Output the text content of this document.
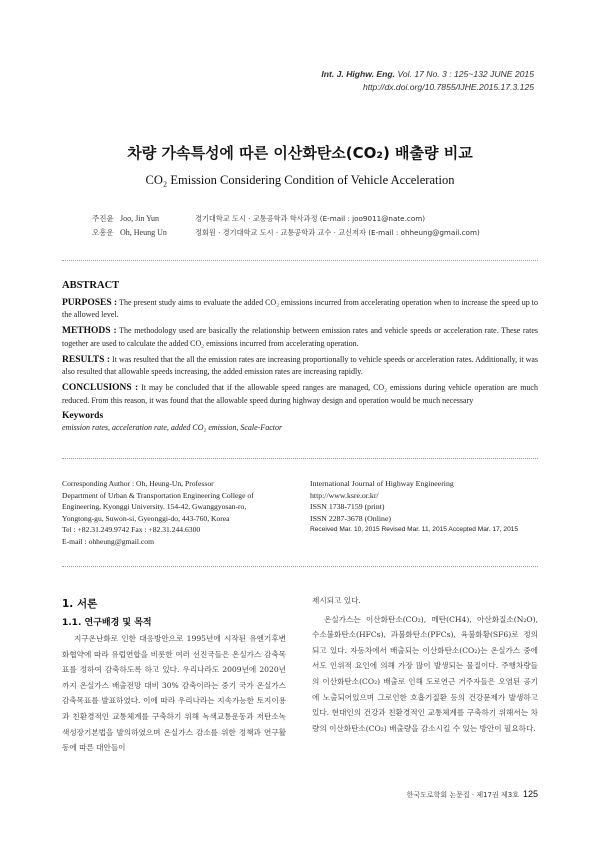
Int. J. Highw. Eng. Vol. 17 No. 3 : 125~132 JUNE 2015
http://dx.doi.org/10.7855/IJHE.2015.17.3.125
차량 가속특성에 따른 이산화탄소(CO₂) 배출량 비교
CO₂ Emission Considering Condition of Vehicle Acceleration
주진윤 Joo, Jin Yun	경기대학교 도시 · 교통공학과 학사과정 (E-mail : joo9011@nate.com)
오흥운 Oh, Heung Un	정회원 · 경기대학교 도시 · 교통공학과 교수 · 교신저자 (E-mail : ohheung@gmail.com)
ABSTRACT

PURPOSES : The present study aims to evaluate the added CO₂ emissions incurred from accelerating operation when to increase the speed up to the allowed level.

METHODS : The methodology used are basically the relationship between emission rates and vehicle speeds or acceleration rate. These rates together are used to calculate the added CO₂ emissions incurred from accelerating operation.

RESULTS : It was resulted that the all the emission rates are increasing proportionally to vehicle speeds or acceleration rates. Additionally, it was also resulted that allowable speeds increasing, the added emission rates are increasing rapidly.

CONCLUSIONS : It may be concluded that if the allowable speed ranges are managed, CO₂ emissions during vehicle operation are much reduced. From this reason, it was found that the allowable speed during highway design and operation would be much necessary

Keywords
emission rates, acceleration rate, added CO₂ emission, Scale-Factor
Corresponding Author : Oh, Heung-Un, Professor
Department of Urban & Transportation Engineering College of
Engineering, Kyonggi University. 154-42, Gwanggyosan-ro,
Yongtong-gu, Suwon-si, Gyeonggi-do, 443-760, Korea
Tel : +82.31.249.9742 Fax : +82.31.244.6300
E-mail : ohheung@gmail.com
International Journal of Highway Engineering
http://www.ksre.or.kr/
ISSN 1738-7159 (print)
ISSN 2287-3678 (Online)
Received Mar. 10, 2015 Revised Mar. 11, 2015 Accepted Mar. 17, 2015
1. 서론
1.1. 연구배경 및 목적
지구온난화로 인한 대응방안으로 1995년에 시작된 유엔기후변화협약에 따라 유럽연합을 비롯한 여러 선진국들은 온실가스 감축목표를 정하여 감축하도록 하고 있다. 우리나라도 2009년에 2020년까지 온실가스 배출전망 대비 30% 감축이라는 중기 국가 온실가스 감축목표를 발표하였다. 이에 따라 우리나라는 지속가능한 토지이용과 친환경적인 교통체계를 구축하기 위해 녹색교통운동과 저탄소녹색성장기본법을 발의하였으며 온실가스 감소를 위한 정책과 연구활동에 따른 대안들이
제시되고 있다.
온실가스는 이산화탄소(CO₂), 메탄(CH4), 아산화질소(N₂O), 수소불화탄소(HFCs), 과불화탄소(PFCs), 육불화황(SF6)로 정의되고 있다. 자동차에서 배출되는 이산화탄소(CO₂)는 온실가스 중에서도 인위적 요인에 의해 가장 많이 발생되는 물질이다. 주행차량들의 이산화탄소(CO₂) 배출로 인해 도로연근 거주자들은 오염된 공기에 노출되어있으며 그로인한 호흡기질환 등의 건강문제가 발생하고 있다. 현대인의 건강과 친환경적인 교통체계를 구축하기 위해서는 차량의 이산화탄소(CO₂) 배출량을 감소시킬 수 있는 방안이 필요하다.
한국도로학회 논문집 · 제17권 제3호 125
